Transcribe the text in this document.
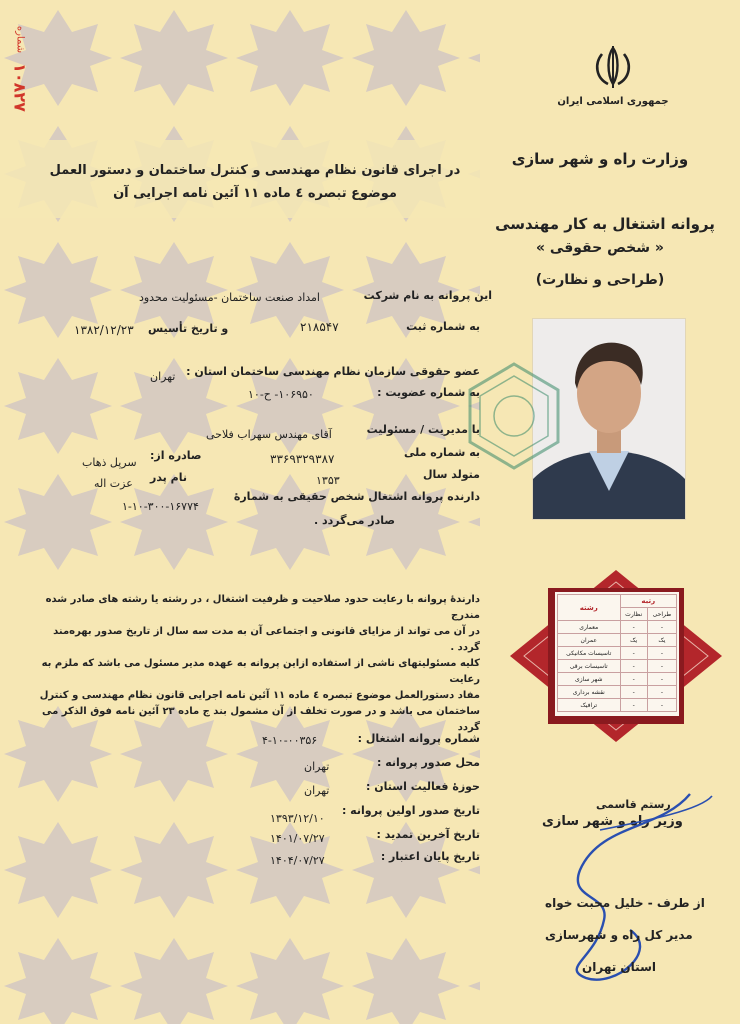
شماره
۱۰۸۲۷	جمهوری اسلامی ایران
وزارت راه و شهر سازی
پروانه اشتغال به کار مهندسی
« شخص حقوقی »
(طراحی و نظارت)
در اجرای قانون نظام مهندسی و کنترل ساختمان و دستور العمل
موضوع تبصره ٤ ماده ١١ آئین نامه اجرایی آن
این پروانه به نام شرکت
امداد صنعت ساختمان -مسئولیت محدود
به شماره ثبت
۲۱۸۵۴۷
و تاریخ تأسیس
۱۳۸۲/۱۲/۲۳
عضو حقوقی سازمان نظام مهندسی ساختمان استان :
تهران
به شماره عضویت :
۱۰۶۹۵۰- ح-۱۰
با مدیریت / مسئولیت
آقای مهندس سهراب فلاحی
به شماره ملی
۳۳۶۹۳۲۹۳۸۷
صادره از:
سرپل ذهاب
متولد سال
۱۳۵۳
نام پدر
عزت اله
دارنده پروانه اشتغال شخص حقیقی به شمارهٔ
۱-۱۰-۳۰۰-۱۶۷۷۴
صادر می‌گردد .
رتبه		رشته
طراحی	نظارت	
-	-	معماری
یک	یک	عمران
-	-	تاسیسات مکانیکی
-	-	تاسیسات برقی
-	-	شهر سازی
-	-	نقشه برداری
-	-	ترافیک
دارندهٔ پروانه با رعایت حدود صلاحیت و ظرفیت اشتغال ، در رشته یا رشته های صادر شده مندرج
در آن می تواند از مزایای قانونی و اجتماعی آن به مدت سه سال از تاریخ صدور بهره‌مند گردد .
کلیه مسئولیتهای ناشی از استفاده ازاین پروانه به عهده مدیر مسئول می باشد که ملزم به رعایت
مفاد دستورالعمل موضوع تبصره ٤ ماده ١١ آئین نامه اجرایی قانون نظام مهندسی و کنترل
ساختمان می باشد و در صورت تخلف از آن مشمول بند ج ماده ۲۳ آئین نامه فوق الذکر می گردد
شماره پروانه اشتغال :
۴-۱۰-۰۰۳۵۶
محل صدور پروانه :
تهران
حوزهٔ فعالیت استان :
تهران
تاریخ صدور اولین پروانه :
۱۳۹۳/۱۲/۱۰
تاریخ آخرین تمدید :
۱۴۰۱/۰۷/۲۷
تاریخ پایان اعتبار :
۱۴۰۴/۰۷/۲۷
رستم قاسمی
وزیر راه و شهر سازی
از طرف - خلیل محبت خواه
مدیر کل راه و شهرسازی
استان تهران
